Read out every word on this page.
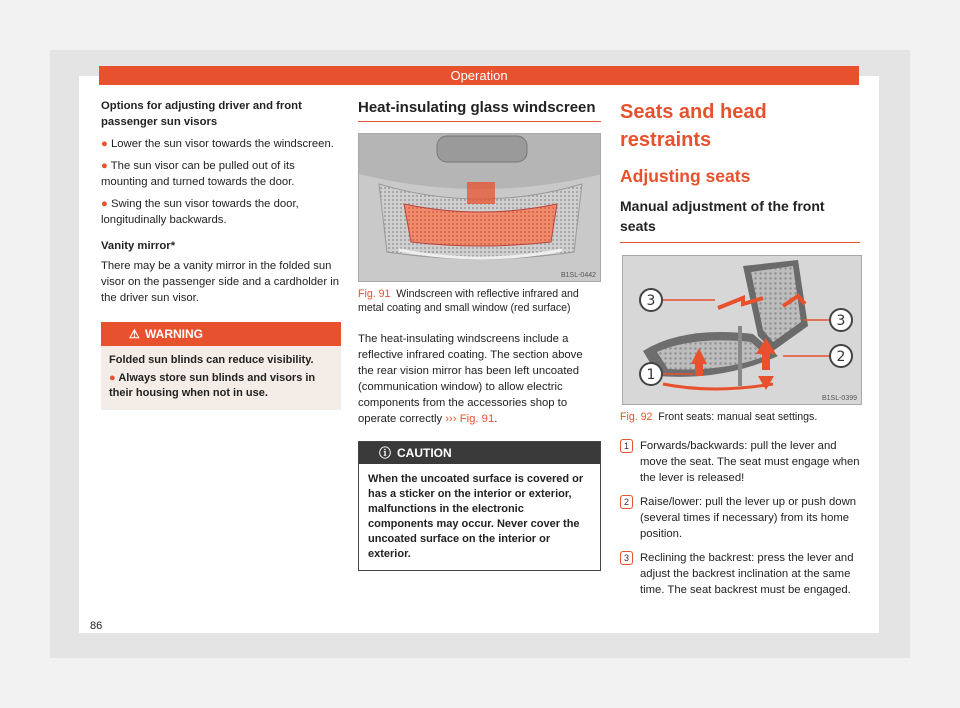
Operation

Options for adjusting driver and front passenger sun visors

● Lower the sun visor towards the windscreen.

● The sun visor can be pulled out of its mounting and turned towards the door.

● Swing the sun visor towards the door, longitudinally backwards.

Vanity mirror*

There may be a vanity mirror in the folded sun visor on the passenger side and a cardholder in the driver sun visor.

⚠ WARNING

Folded sun blinds can reduce visibility.

● Always store sun blinds and visors in their housing when not in use.

Heat-insulating glass windscreen
B1SL-0442

Fig. 91 Windscreen with reflective infrared and metal coating and small window (red surface)

The heat-insulating windscreens include a reflective infrared coating. The section above the rear vision mirror has been left uncoated (communication window) to allow electric components from the accessories shop to operate correctly ››› Fig. 91.

ⓘ CAUTION

When the uncoated surface is covered or has a sticker on the interior or exterior, malfunctions in the electronic components may occur. Never cover the uncoated surface on the interior or exterior.

Seats and head restraints
Adjusting seats
Manual adjustment of the front seats
3
3
2
1
B1SL-0399

Fig. 92 Front seats: manual seat settings.

1 Forwards/backwards: pull the lever and move the seat. The seat must engage when the lever is released!

2 Raise/lower: pull the lever up or push down (several times if necessary) from its home position.

3 Reclining the backrest: press the lever and adjust the backrest inclination at the same time. The seat backrest must be engaged.

86
